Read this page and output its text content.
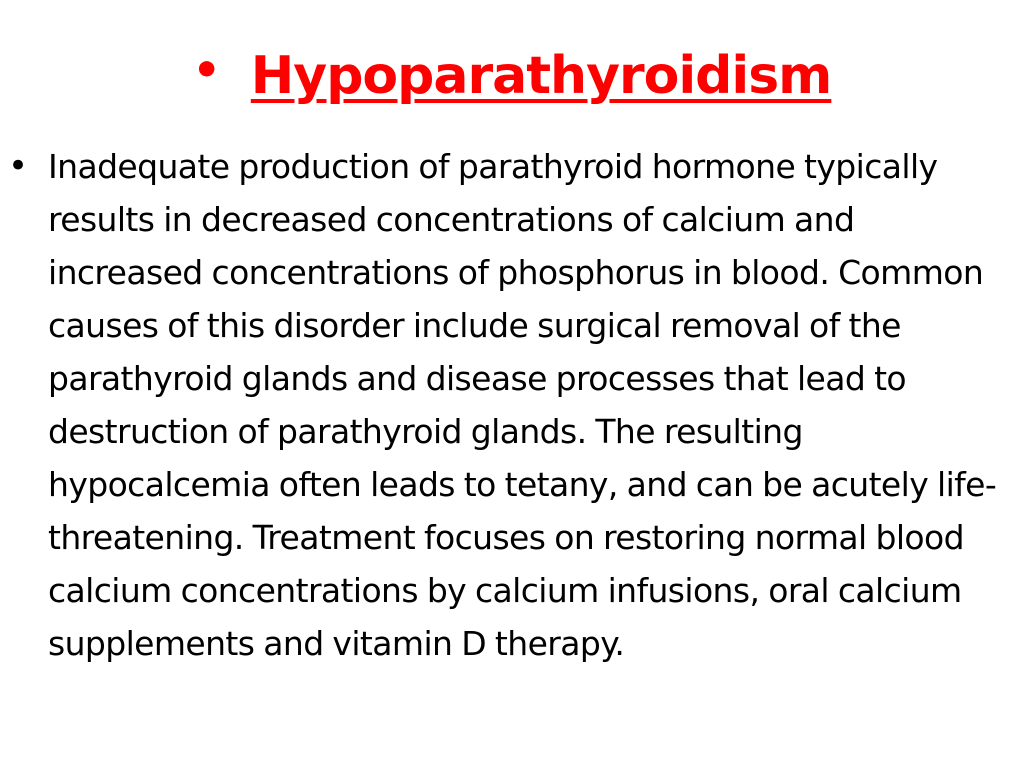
• Hypoparathyroidism
• Inadequate production of parathyroid hormone typically results in decreased concentrations of calcium and increased concentrations of phosphorus in blood. Common causes of this disorder include surgical removal of the parathyroid glands and disease processes that lead to destruction of parathyroid glands. The resulting hypocalcemia often leads to tetany, and can be acutely life-threatening. Treatment focuses on restoring normal blood calcium concentrations by calcium infusions, oral calcium supplements and vitamin D therapy.
